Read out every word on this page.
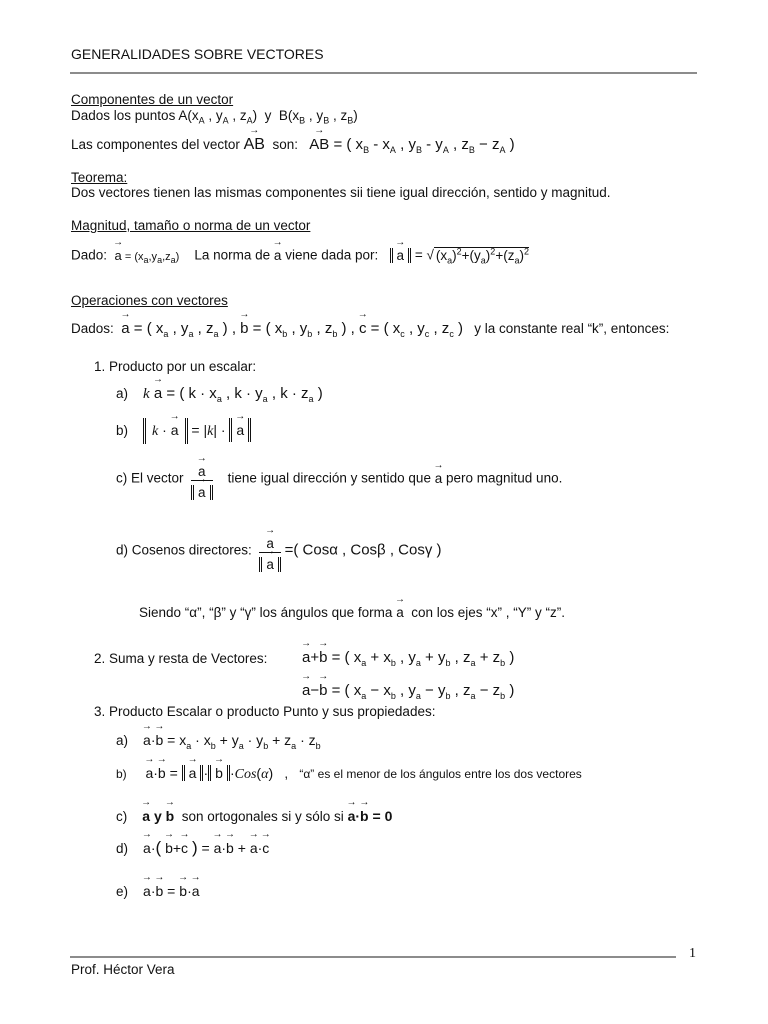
GENERALIDADES SOBRE VECTORES
Componentes de un vector
Dados los puntos $A(x_A$ , $y_A$ , $z_A$)  y  $B(x_B$ , $y_B$ , $z_B$)
Las componentes del vector → AB son:   → AB = ( $x_B - x_A$ , $y_B - y_A$ , $z_B - z_A$ )
Teorema:
Dos vectores tienen las mismas componentes sii tiene igual dirección, sentido y magnitud.
Magnitud, tamaño o norma de un vector
Dado:  → $a = (x_a,y_a,z_a)$ La norma de → a viene dada por:   → a = √ $(x_a)^2+(y_a)^2+(z_a)^2$
Operaciones con vectores
Dados:  → a = ( $x_a$ , $y_a$ , $z_a$ ) , → b = ( $x_b$ , $y_b$ , $z_b$ ) , → c = ( $x_c$ , $y_c$ , $z_c$ ) y la constante real “k”, entonces:
1. Producto por un escalar:
a) k → a = ( $k \cdot x_a$ , $k \cdot y_a$ , $k \cdot z_a$ )
b) k · → a = |k| · → a
c) El vector
→ a
→ a tiene igual dirección y sentido que → a pero magnitud uno.
d) Cosenos directores:
→ a
→ a =( Cosα , Cosβ , Cosγ )
Siendo “α”, “β” y “γ” los ángulos que forma → a con los ejes “x” , “Y” y “z”.
2. Suma y resta de Vectores:
→ a+→ b = ( $x_a + x_b$ , $y_a + y_b$ , $z_a + z_b$ )
→ a−→ b = ( $x_a - x_b$ , $y_a - y_b$ , $z_a - z_b$ )
3. Producto Escalar o producto Punto y sus propiedades:
a)    → $a\cdot\to b = x_a \cdot x_b + y_a \cdot y_b + z_a \cdot z_b$
b)     → a·→ b = → a ·→ b ·Cos(α)   ,   “α” es el menor de los ángulos entre los dos vectores
c)    → a y → b son ortogonales si y sólo si → a·→ b = 0
d)    → a·( → b+→ c ) = → a·→ b + → a·→ c
e)    → a·→ b = → b·→ a
1
Prof. Héctor Vera
